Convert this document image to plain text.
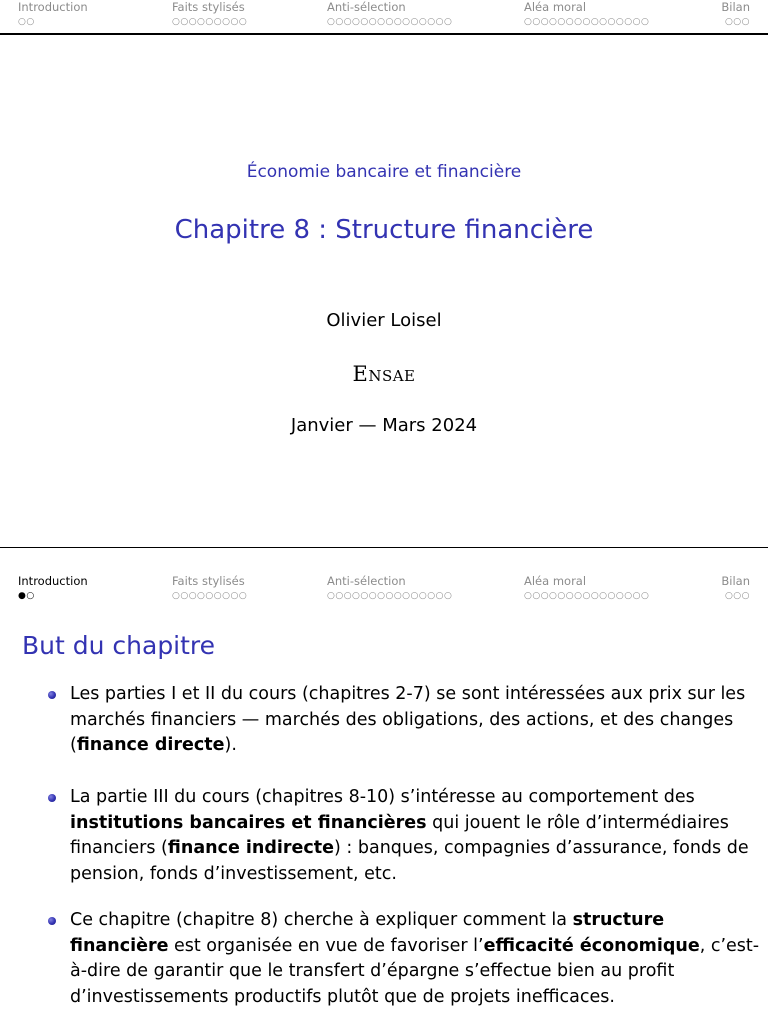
Introduction
○○
Faits stylisés
○○○○○○○○○
Anti-sélection
○○○○○○○○○○○○○○○
Aléa moral
○○○○○○○○○○○○○○○
Bilan
○○○
Économie bancaire et financière
Chapitre 8 : Structure financière
Olivier Loisel
Ensae
Janvier — Mars 2024
Introduction
●○
Faits stylisés
○○○○○○○○○
Anti-sélection
○○○○○○○○○○○○○○○
Aléa moral
○○○○○○○○○○○○○○○
Bilan
○○○
But du chapitre
Les parties I et II du cours (chapitres 2-7) se sont intéressées aux prix sur les marchés financiers — marchés des obligations, des actions, et des changes (finance directe).
La partie III du cours (chapitres 8-10) s’intéresse au comportement des institutions bancaires et financières qui jouent le rôle d’intermédiaires financiers (finance indirecte) : banques, compagnies d’assurance, fonds de pension, fonds d’investissement, etc.
Ce chapitre (chapitre 8) cherche à expliquer comment la structure financière est organisée en vue de favoriser l’efficacité économique, c’est-à-dire de garantir que le transfert d’épargne s’effectue bien au profit d’investissements productifs plutôt que de projets inefficaces.
